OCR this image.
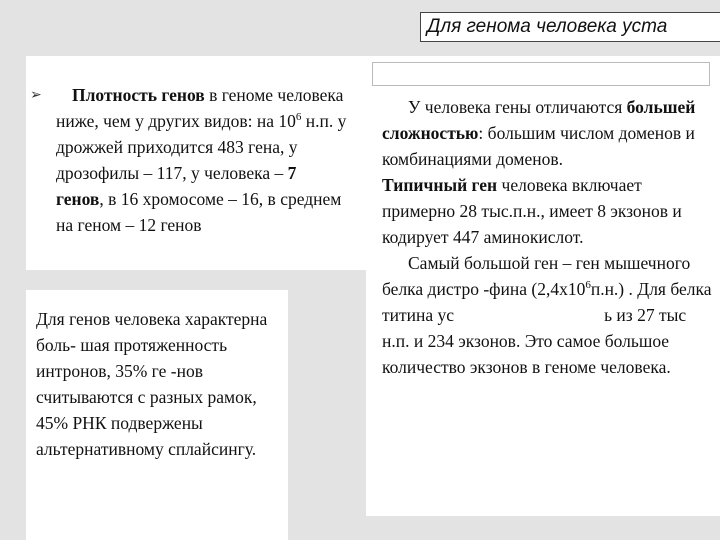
Для генома человека уста
➢	Плотность генов в геноме человека ниже, чем у других видов: на $10^6$ н.п. у дрожжей приходится 483 гена, у дрозофилы – 117, у человека – 7 генов, в 16 хромосоме – 16, в среднем на геном – 12 генов
Для генов человека характерна боль- шая протяженность интронов, 35% ге -нов считываются с разных рамок, 45% РНК подвержены альтернативному сплайсингу.
У человека гены отличаются большей сложностью: большим числом доменов и комбинациями доменов.
Типичный ген человека включает примерно 28 тыс.п.н., имеет 8 экзонов и кодирует 447 аминокислот.
Самый большой ген – ген мышечного белка дистро -фина $(2,4х10^6п.н.)$ . Для белка титина ус	ь из 27 тыс н.п. и 234 экзонов. Это самое большое количество экзонов в геноме человека.
